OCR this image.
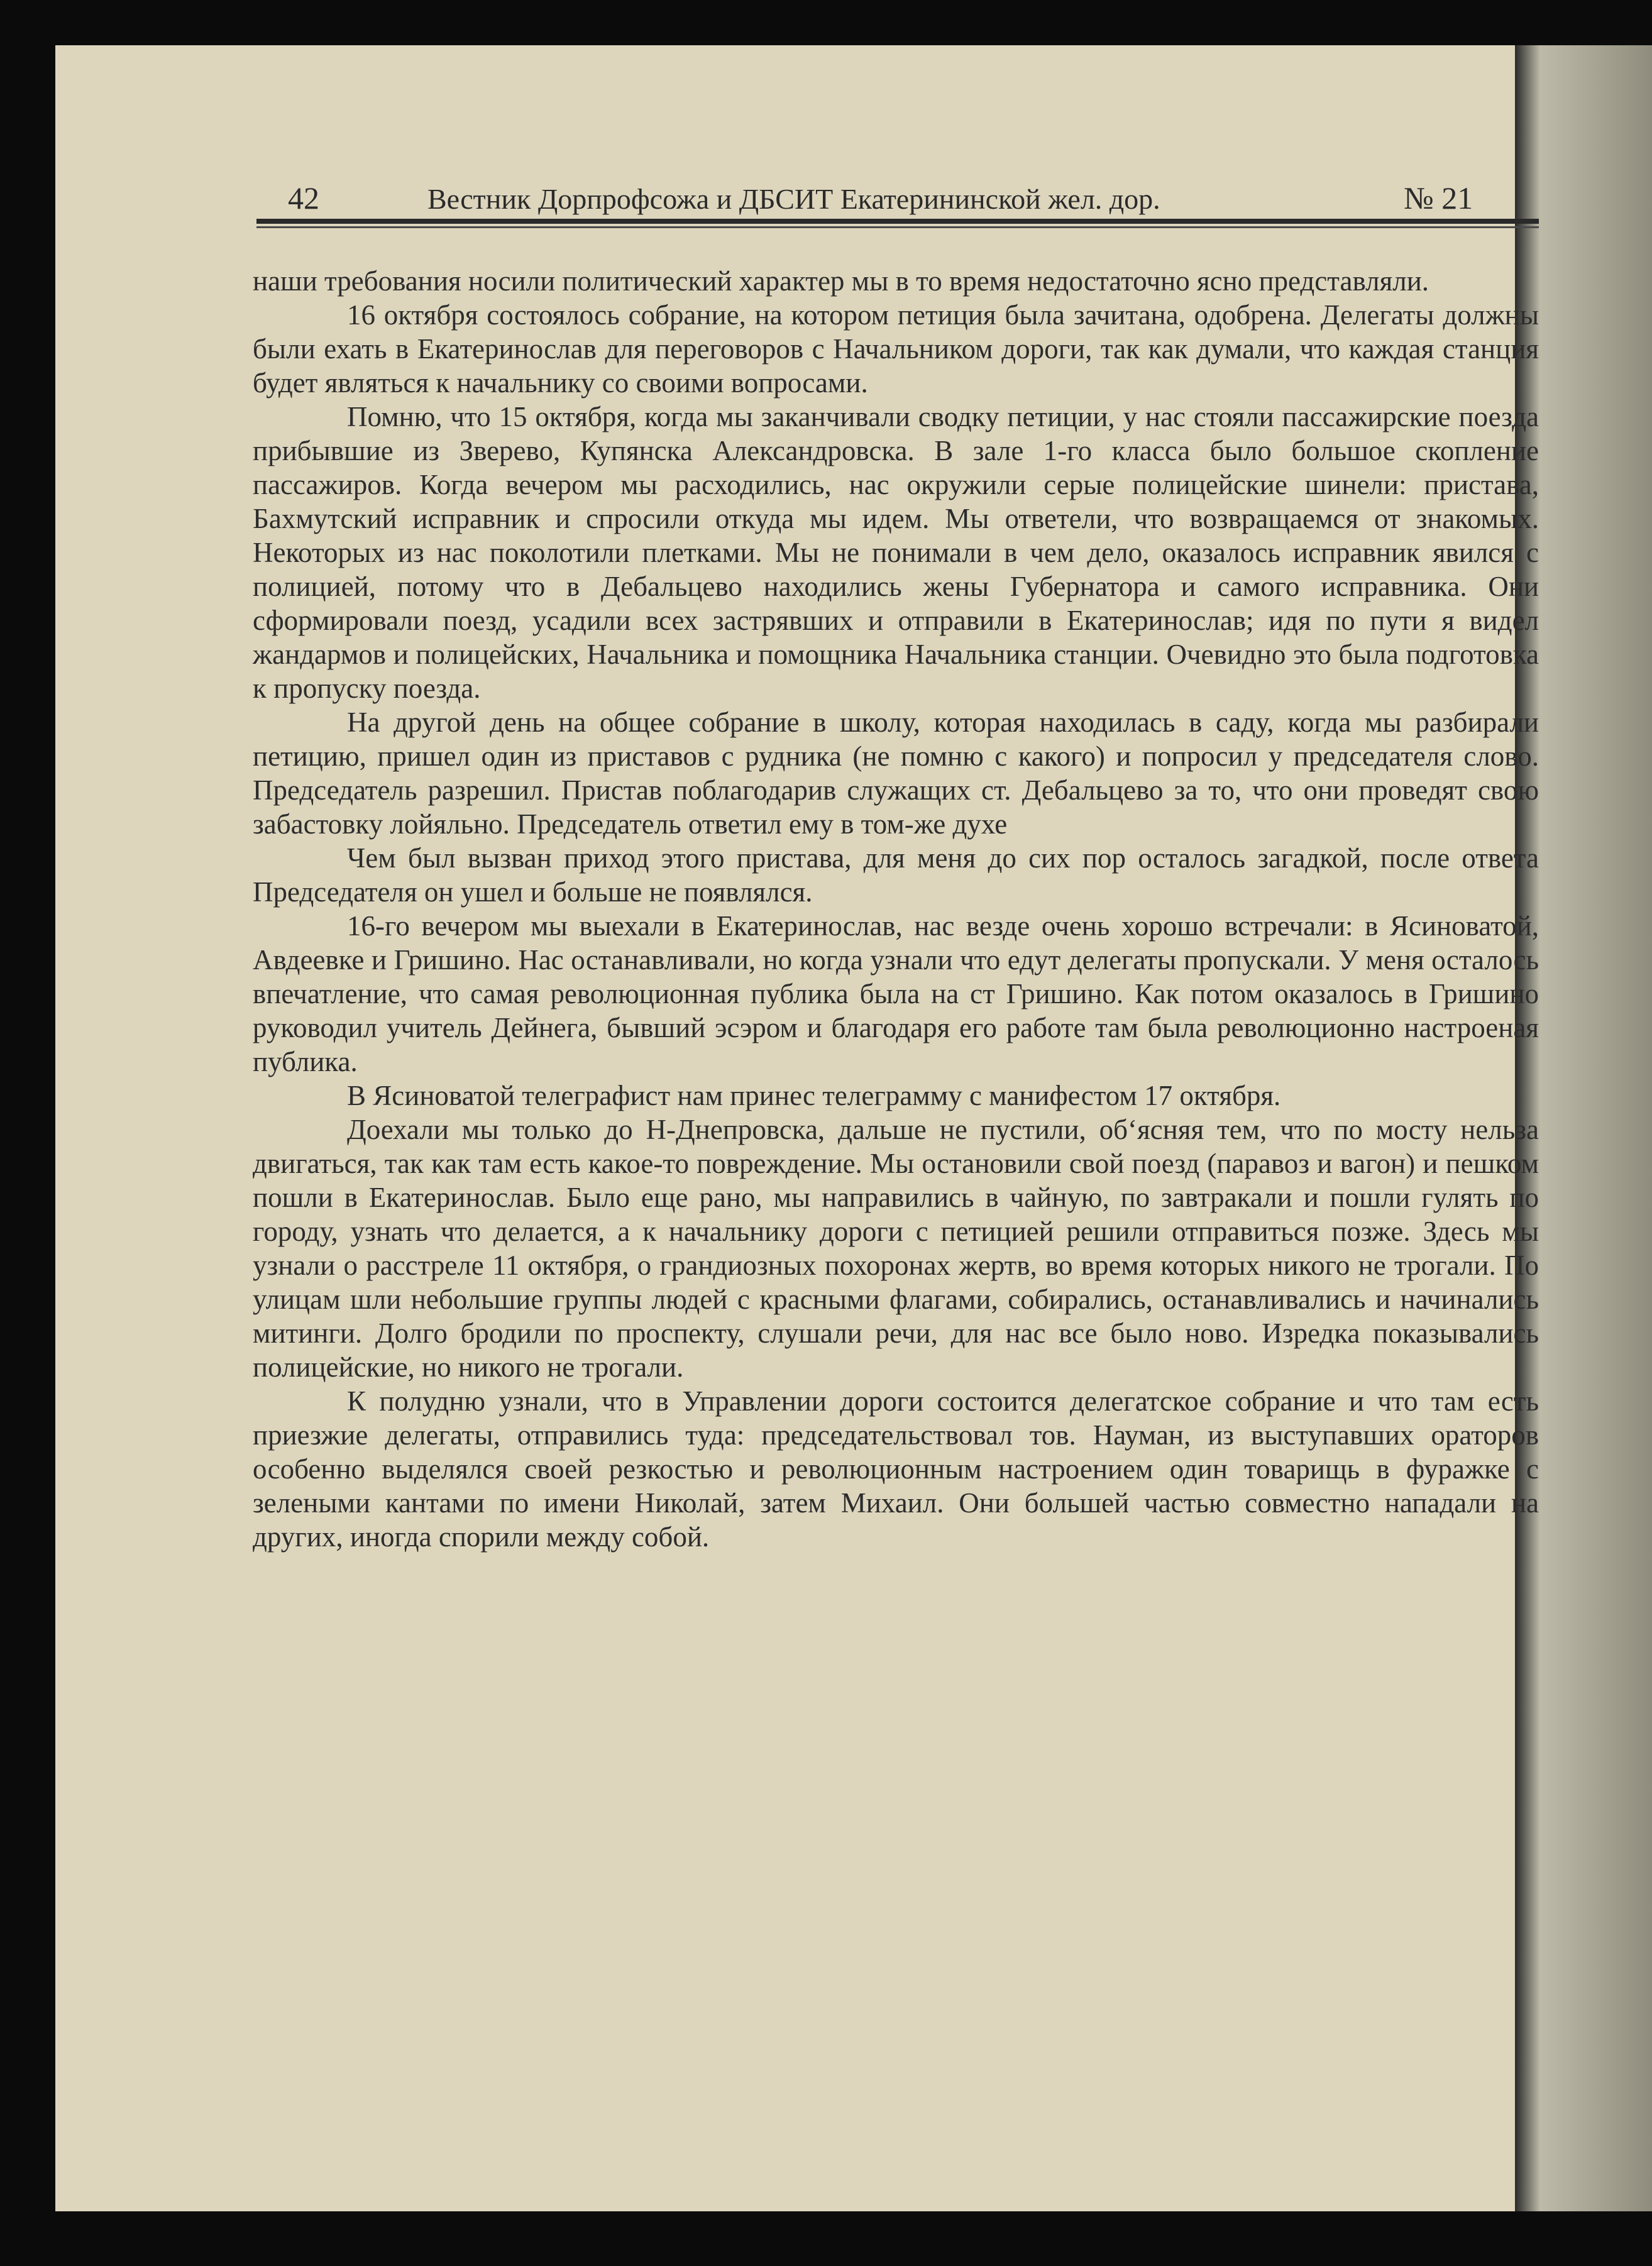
42	Вестник Дорпрофсожа и ДБСИТ Екатерининской жел. дор.	№ 21

наши требования носили политический характер мы в то время недостаточно ясно представляли.

16 октября состоялось собрание, на котором петиция была зачитана, одобрена. Делегаты должны были ехать в Екатеринослав для переговоров с Начальником дороги, так как думали, что каждая станция будет являться к начальнику со своими вопросами.

Помню, что 15 октября, когда мы заканчивали сводку петиции, у нас стояли пассажирские поезда прибывшие из Зверево, Купянска Александровска. В зале 1-го класса было большое скопление пассажиров. Когда вечером мы расходились, нас окружили серые полицейские шинели: пристава, Бахмутский исправник и спросили откуда мы идем. Мы ответели, что возвращаемся от знакомых. Некоторых из нас поколотили плетками. Мы не понимали в чем дело, оказалось исправник явился с полицией, потому что в Дебальцево находились жены Губернатора и самого исправника. Они сформировали поезд, усадили всех застрявших и отправили в Екатеринослав; идя по пути я видел жандармов и полицейских, Начальника и помощника Начальника станции. Очевидно это была подготовка к пропуску поезда.

На другой день на общее собрание в школу, которая находилась в саду, когда мы разбирали петицию, пришел один из приставов с рудника (не помню с какого) и попросил у председателя слово. Председатель разрешил. Пристав поблагодарив служащих ст. Дебальцево за то, что они проведят свою забастовку лойяльно. Председатель ответил ему в том-же духе

Чем был вызван приход этого пристава, для меня до сих пор осталось загадкой, после ответа Председателя он ушел и больше не появлялся.

16-го вечером мы выехали в Екатеринослав, нас везде очень хорошо встречали: в Ясиноватой, Авдеевке и Гришино. Нас останавливали, но когда узнали что едут делегаты пропускали. У меня осталось впечатление, что самая революционная публика была на ст Гришино. Как потом оказалось в Гришино руководил учитель Дейнега, бывший эсэром и благодаря его работе там была революционно настроеная публика.

В Ясиноватой телеграфист нам принес телеграмму с манифестом 17 октября.

Доехали мы только до Н-Днепровска, дальше не пустили, об‘ясняя тем, что по мосту нельза двигаться, так как там есть какое-то повреждение. Мы остановили свой поезд (паравоз и вагон) и пешком пошли в Екатеринослав. Было еще рано, мы направились в чайную, по завтракали и пошли гулять по городу, узнать что делается, а к начальнику дороги с петицией решили отправиться позже. Здесь мы узнали о расстреле 11 октября, о грандиозных похоронах жертв, во время которых никого не трогали. По улицам шли небольшие группы людей с красными флагами, собирались, останавливались и начинались митинги. Долго бродили по проспекту, слушали речи, для нас все было ново. Изредка показывались полицейские, но никого не трогали.

К полудню узнали, что в Управлении дороги состоится делегатское собрание и что там есть приезжие делегаты, отправились туда: председательствовал тов. Науман, из выступавших ораторов особенно выделялся своей резкостью и революционным настроением один товарищь в фуражке с зелеными кантами по имени Николай, затем Михаил. Они большей частью совместно нападали на других, иногда спорили между собой.
